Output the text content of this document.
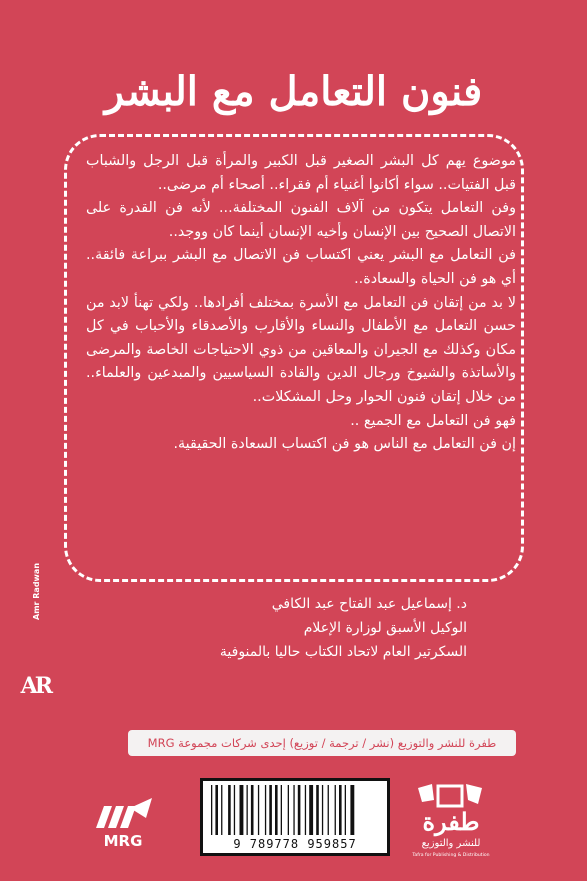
فنون التعامل مع البشر

موضوع يهم كل البشر الصغير قبل الكبير والمرأة قبل الرجل والشباب قبل الفتيات.. سواء أكانوا أغنياء أم فقراء.. أصحاء أم مرضى..

وفن التعامل يتكون من آلاف الفنون المختلفة... لأنه فن القدرة على الاتصال الصحيح بين الإنسان وأخيه الإنسان أينما كان ووجد..

فن التعامل مع البشر يعني اكتساب فن الاتصال مع البشر ببراعة فائقة.. أي هو فن الحياة والسعادة..

لا بد من إتقان فن التعامل مع الأسرة بمختلف أفرادها.. ولكي تهنأ لابد من حسن التعامل مع الأطفال والنساء والأقارب والأصدقاء والأحباب في كل مكان وكذلك مع الجيران والمعاقين من ذوي الاحتياجات الخاصة والمرضى والأساتذة والشيوخ ورجال الدين والقادة السياسيين والمبدعين والعلماء.. من خلال إتقان فنون الحوار وحل المشكلات..

فهو فن التعامل مع الجميع ..

إن فن التعامل مع الناس هو فن اكتساب السعادة الحقيقية.

د. إسماعيل عبد الفتاح عبد الكافي
الوكيل الأسبق لوزارة الإعلام
السكرتير العام لاتحاد الكتاب حاليا بالمنوفية
Amr Radwan
AR
طفرة للنشر والتوزيع (نشر / ترجمة / توزيع) إحدى شركات مجموعة MRG
MRG	9 789778 959857
طفرة
للنشر والتوزيع
Tafra for Publishing & Distribution
